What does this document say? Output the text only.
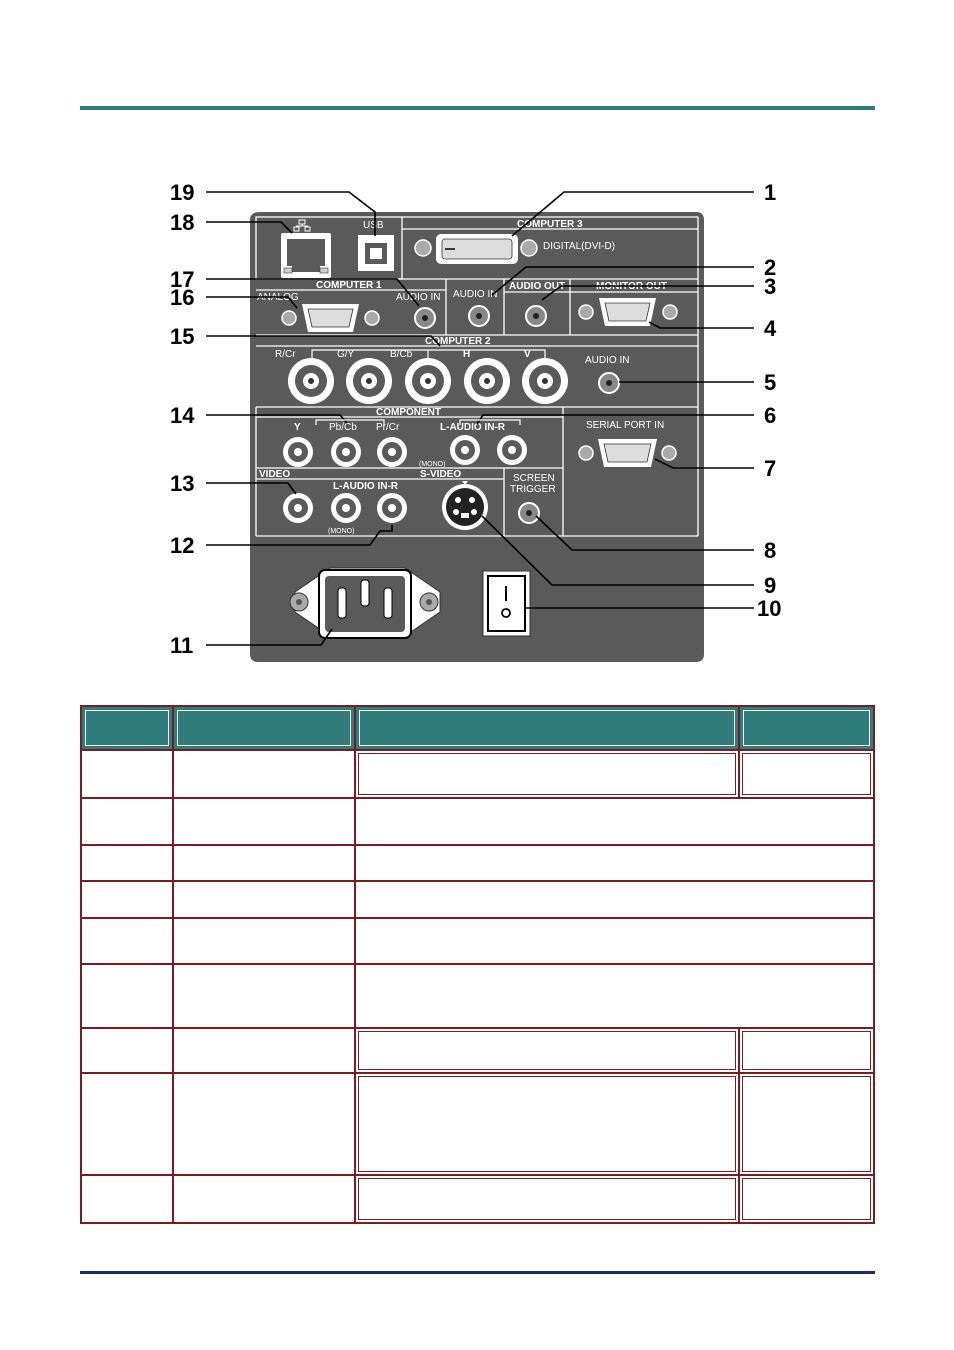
USB	COMPUTER 3
DIGITAL(DVI-D)
COMPUTER 1
ANALOG	AUDIO IN AUDIO IN
AUDIO OUT	MONITOR OUT
COMPUTER 2
R/Cr	G/Y	B/Cb	H	V
AUDIO IN
COMPONENT
Y	Pb/Cb Pr/Cr	L-AUDIO IN-R
(MONO)
SERIAL PORT IN
VIDEO
L-AUDIO IN-R
(MONO)
S-VIDEO	SCREEN
TRIGGER
19
18
17
16
15
14
13
12
11
1
2
3
4
5
6
7
8
9
10
